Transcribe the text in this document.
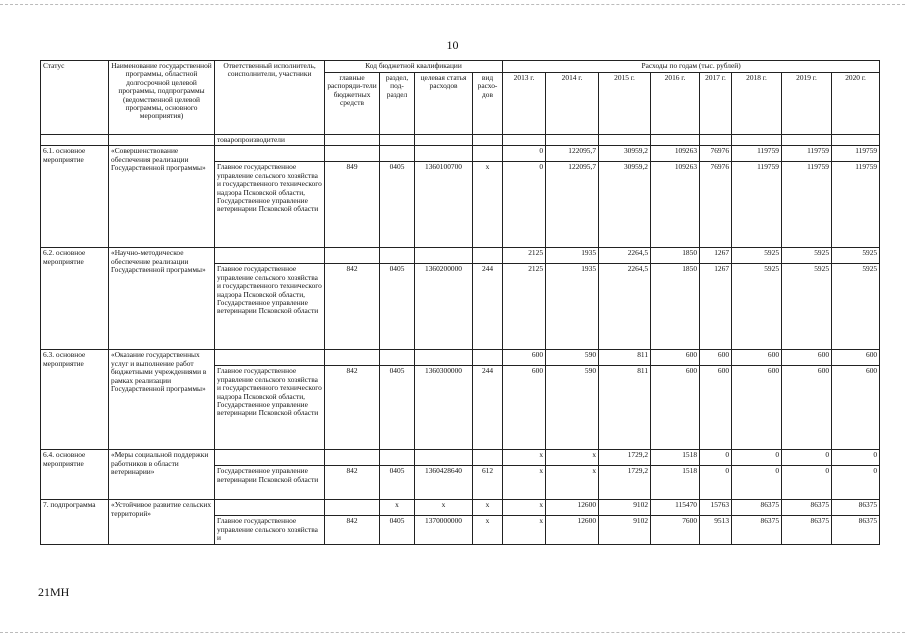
10
Статус	Наименование государственной программы, областной долгосрочной целевой программы, подпрограммы (ведомственной целевой программы, основного мероприятия)	Ответственный исполнитель, соисполнители, участники	Код бюджетной квалификации				Расходы по годам (тыс. рублей)							
			главные распоряди-тели бюджетных средств	раздел, под-раздел	целевая статья расходов	вид расхо-дов	2013 г.	2014 г.	2015 г.	2016 г.	2017 г.	2018 г.	2019 г.	2020 г.
		товаропроизводители												
6.1. основное мероприятие	«Совершенствование обеспечения реализации Государственной программы»						0	122095,7	30959,2	109263	76976	119759	119759	119759
		Главное государственное управление сельского хозяйства и государственного технического надзора Псковской области, Государственное управление ветеринарии Псковской области	849	0405	1360100700	x	0	122095,7	30959,2	109263	76976	119759	119759	119759
6.2. основное мероприятие	«Научно-методическое обеспечение реализации Государственной программы»						2125	1935	2264,5	1850	1267	5925	5925	5925
		Главное государственное управление сельского хозяйства и государственного технического надзора Псковской области, Государственное управление ветеринарии Псковской области	842	0405	1360200000	244	2125	1935	2264,5	1850	1267	5925	5925	5925
6.3. основное мероприятие	«Оказание государственных услуг и выполнение работ бюджетными учреждениями в рамках реализации Государственной программы»						600	590	811	600	600	600	600	600
		Главное государственное управление сельского хозяйства и государственного технического надзора Псковской области, Государственное управление ветеринарии Псковской области	842	0405	1360300000	244	600	590	811	600	600	600	600	600
6.4. основное мероприятие	«Меры социальной поддержки работников в области ветеринарии»						x	x	1729,2	1518	0	0	0	0
		Государственное управление ветеринарии Псковской области	842	0405	1360428640	612	x	x	1729,2	1518	0	0	0	0
7. подпрограмма	«Устойчивое развитие сельских территорий»			x	x	x	x	12600	9102	115470	15763	86375	86375	86375
		Главное государственное управление сельского хозяйства и	842	0405	1370000000	x	x	12600	9102	7600	9513	86375	86375	86375
21МН
